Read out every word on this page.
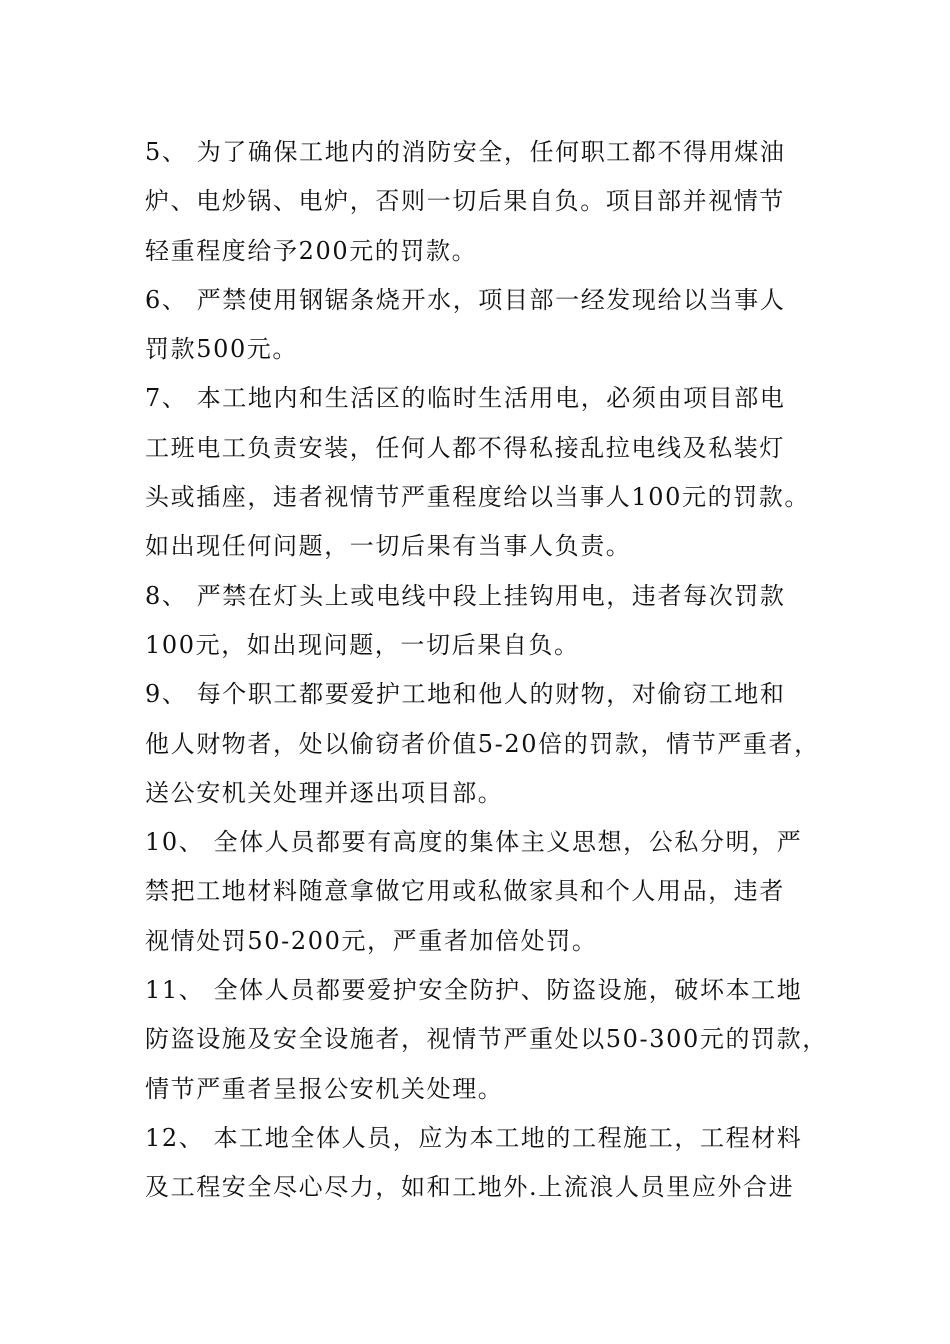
5、 为了确保工地内的消防安全，任何职工都不得用煤油
炉、电炒锅、电炉，否则一切后果自负。项目部并视情节
轻重程度给予200元的罚款。
6、 严禁使用钢锯条烧开水，项目部一经发现给以当事人
罚款500元。
7、 本工地内和生活区的临时生活用电，必须由项目部电
工班电工负责安装，任何人都不得私接乱拉电线及私装灯
头或插座，违者视情节严重程度给以当事人100元的罚款。
如出现任何问题，一切后果有当事人负责。
8、 严禁在灯头上或电线中段上挂钩用电，违者每次罚款
100元，如出现问题，一切后果自负。
9、 每个职工都要爱护工地和他人的财物，对偷窃工地和
他人财物者，处以偷窃者价值5-20倍的罚款，情节严重者，
送公安机关处理并逐出项目部。
10、 全体人员都要有高度的集体主义思想，公私分明，严
禁把工地材料随意拿做它用或私做家具和个人用品，违者
视情处罚50-200元，严重者加倍处罚。
11、 全体人员都要爱护安全防护、防盗设施，破坏本工地
防盗设施及安全设施者，视情节严重处以50-300元的罚款，
情节严重者呈报公安机关处理。
12、 本工地全体人员，应为本工地的工程施工，工程材料
及工程安全尽心尽力，如和工地外.上流浪人员里应外合进
